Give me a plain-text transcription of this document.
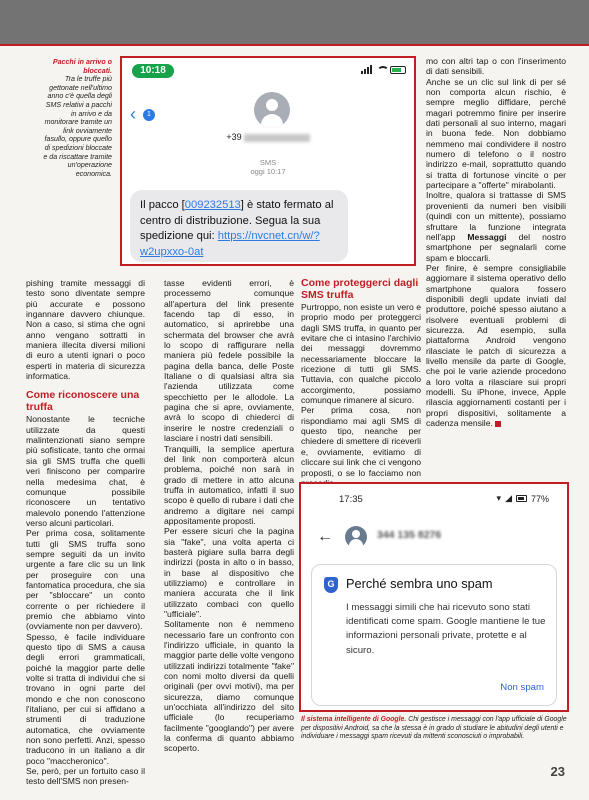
Pacchi in arrivo o bloccati.
Tra le truffe più gettonate nell'ultimo anno c'è quella degli SMS relativi a pacchi in arrivo e da monitorare tramite un link ovviamente fasullo, oppure quello di spedizioni bloccate e da riscattare tramite un'operazione economica.
10:18
‹	1
+39
SMS
oggi 10:17
Il pacco [009232513] è stato fermato al centro di distribuzione. Segua la sua spedizione qui: https://nvcnet.cn/w/?w2upxxo-0at

pishing tramite messaggi di testo sono diventate sempre più accurate e possono ingannare davvero chiunque. Non a caso, si stima che ogni anno vengano sottratti in maniera illecita diversi milioni di euro a utenti ignari o poco esperti in materia di sicurezza informatica.

Come riconoscere una truffa

Nonostante le tecniche utilizzate da questi malintenzionati siano sempre più sofisticate, tanto che ormai sia gli SMS truffa che quelli veri finiscono per comparire nella medesima chat, è comunque possibile riconoscere un tentativo malevolo ponendo l'attenzione verso alcuni particolari.

Per prima cosa, solitamente tutti gli SMS truffa sono sempre seguiti da un invito urgente a fare clic su un link per proseguire con una fantomatica procedura, che sia per "sbloccare" un conto corrente o per richiedere il premio che abbiamo vinto (ovviamente non per davvero).

Spesso, è facile individuare questo tipo di SMS a causa degli errori grammaticali, poiché la maggior parte delle volte si tratta di individui che si trovano in ogni parte del mondo e che non conoscono l'italiano, per cui si affidano a strumenti di traduzione automatica, che ovviamente non sono perfetti. Anzi, spesso traducono in un italiano a dir poco "maccheronico".

Se, però, per un fortuito caso il testo dell'SMS non presen-

tasse evidenti errori, è processemo comunque all'apertura del link presente facendo tap di esso, in automatico, si aprirebbe una schermata del browser che avrà lo scopo di raffigurare nella maniera più fedele possibile la pagina della banca, delle Poste Italiane o di qualsiasi altra sia l'azienda utilizzata come specchietto per le allodole. La pagina che si apre, ovviamente, avrà lo scopo di chiederci di inserire le nostre credenziali o lasciare i nostri dati sensibili.

Tranquilli, la semplice apertura del link non comporterà alcun problema, poiché non sarà in grado di mettere in atto alcuna truffa in automatico, infatti il suo scopo è quello di rubare i dati che andremo a digitare nei campi appositamente proposti.

Per essere sicuri che la pagina sia "fake", una volta aperta ci basterà pigiare sulla barra degli indirizzi (posta in alto o in basso, in base al dispositivo che utilizziamo) e controllare in maniera accurata che il link utilizzato combaci con quello "ufficiale".

Solitamente non è nemmeno necessario fare un confronto con l'indirizzo ufficiale, in quanto la maggior parte delle volte vengono utilizzati indirizzi totalmente "fake" con nomi molto diversi da quelli originali (per ovvi motivi), ma per sicurezza, diamo comunque un'occhiata all'indirizzo del sito ufficiale (lo recuperiamo facilmente "googlando") per avere la conferma di quanto abbiamo scoperto.

Come proteggerci dagli SMS truffa

Purtroppo, non esiste un vero e proprio modo per proteggerci dagli SMS truffa, in quanto per evitare che ci intasino l'archivio dei messaggi dovremmo necessariamente bloccare la ricezione di tutti gli SMS. Tuttavia, con qualche piccolo accorgimento, possiamo comunque rimanere al sicuro.

Per prima cosa, non rispondiamo mai agli SMS di questo tipo, neanche per chiedere di smettere di riceverli e, ovviamente, evitiamo di cliccare sui link che ci vengono proposti, o se lo facciamo non

mo con altri tap o con l'inserimento di dati sensibili.

Anche se un clic sul link di per sé non comporta alcun rischio, è sempre meglio diffidare, perché magari potremmo finire per inserire dati personali al suo interno, magari in buona fede. Non dobbiamo nemmeno mai condividere il nostro numero di telefono o il nostro indirizzo e-mail, soprattutto quando si tratta di fortunose vincite o per partecipare a "offerte" mirabolanti.

Inoltre, qualora si trattasse di SMS provenienti da numeri ben visibili (quindi con un mittente), possiamo sfruttare la funzione integrata nell'app Messaggi del nostro smartphone per segnalarli come spam e bloccarli.

Per finire, è sempre consigliabile aggiornare il sistema operativo dello smartphone qualora fossero disponibili degli update inviati dal produttore, poiché spesso aiutano a risolvere eventuali problemi di sicurezza. Ad esempio, sulla piattaforma Android vengono rilasciate le patch di sicurezza a livello mensile da parte di Google, che poi le varie aziende procedono a loro volta a rilasciare sui propri modelli. Su iPhone, invece, Apple rilascia aggiornamenti costanti per i propri dispositivi, solitamente a cadenza mensile.

17:35	▾ ◢ 77%
←	344 135 8276
G Perché sembra uno spam
I messaggi simili che hai ricevuto sono stati identificati come spam. Google mantiene le tue informazioni personali private, protette e al sicuro.
Non spam
Il sistema intelligente di Google. Chi gestisce i messaggi con l'app ufficiale di Google per dispositivi Android, sa che la stessa è in grado di studiare le abitudini degli utenti e individuare i messaggi spam ricevuti da mittenti sconosciuti o improbabili.
23
